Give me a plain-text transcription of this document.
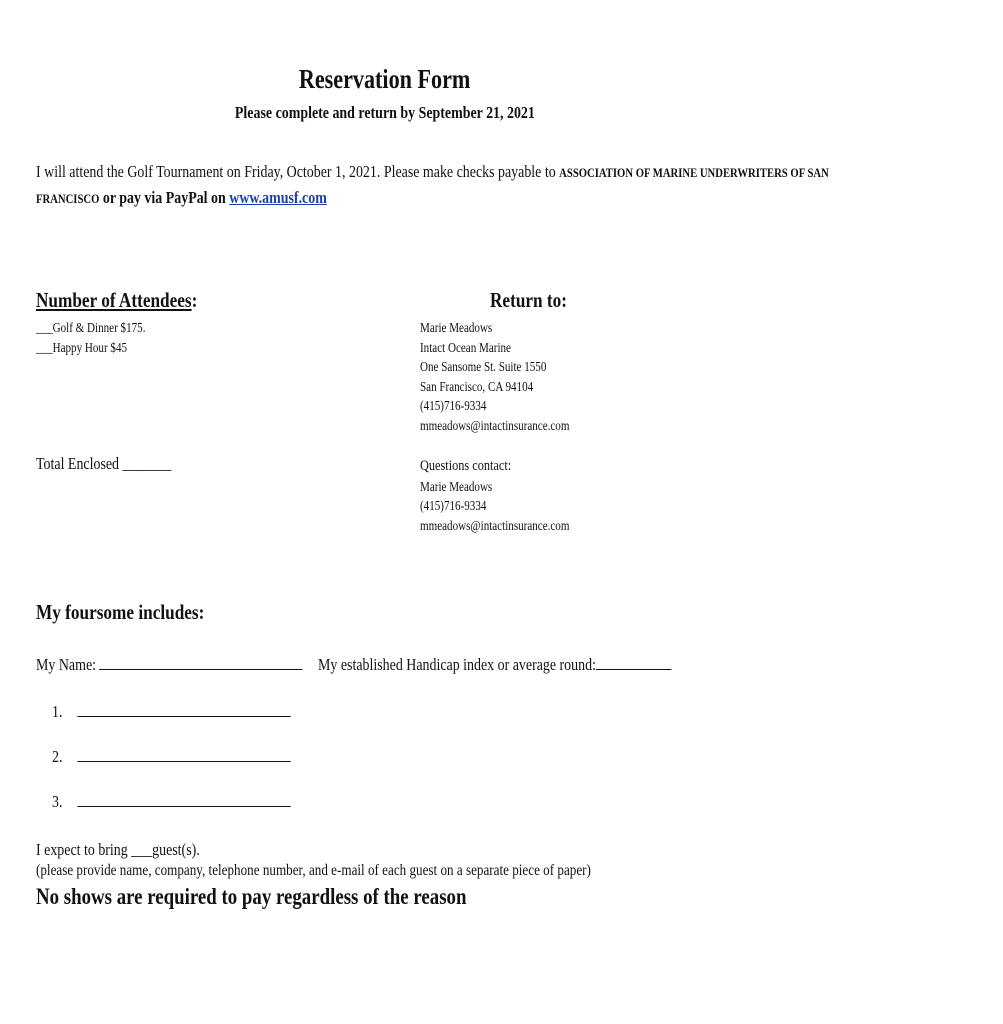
Reservation Form
Please complete and return by September 21, 2021
I will attend the Golf Tournament on Friday, October 1, 2021. Please make checks payable to ASSOCIATION OF MARINE UNDERWRITERS OF SAN
FRANCISCO or pay via PayPal on www.amusf.com
Number of Attendees:	Return to:
___Golf & Dinner $175.
___Happy Hour $45
Marie Meadows
Intact Ocean Marine
One Sansome St. Suite 1550
San Francisco, CA 94104
(415)716-9334
mmeadows@intactinsurance.com
Total Enclosed _______	Questions contact:
Marie Meadows
(415)716-9334
mmeadows@intactinsurance.com
My foursome includes:
My Name:	My established Handicap index or average round:
1.
2.
3.
I expect to bring ___guest(s).
(please provide name, company, telephone number, and e-mail of each guest on a separate piece of paper)
No shows are required to pay regardless of the reason
